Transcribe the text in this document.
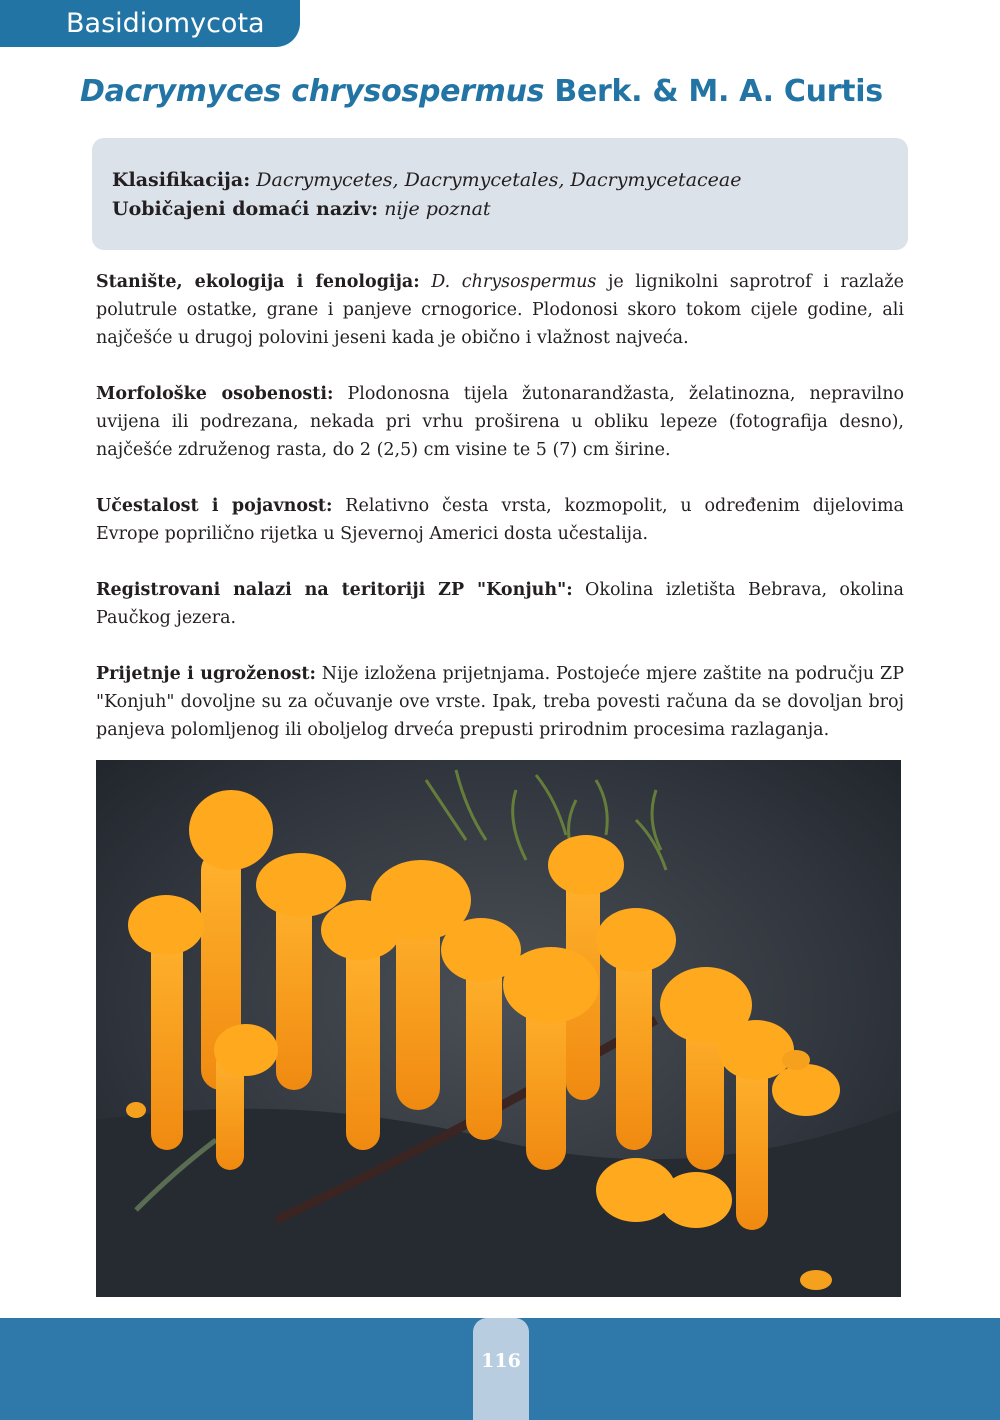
Basidiomycota
Dacrymyces chrysospermus Berk. & M. A. Curtis
Klasifikacija: Dacrymycetes, Dacrymycetales, Dacrymycetaceae
Uobičajeni domaći naziv: nije poznat

Stanište, ekologija i fenologija: D. chrysospermus je lignikolni saprotrof i razlaže polutrule ostatke, grane i panjeve crnogorice. Plodonosi skoro tokom cijele godine, ali najčešće u drugoj polovini jeseni kada je obično i vlažnost najveća.

Morfološke osobenosti: Plodonosna tijela žutonarandžasta, želatinozna, nepravilno uvijena ili podrezana, nekada pri vrhu proširena u obliku lepeze (fotografija desno), najčešće združenog rasta, do 2 (2,5) cm visine te 5 (7) cm širine.

Učestalost i pojavnost: Relativno česta vrsta, kozmopolit, u određenim dijelovima Evrope poprilično rijetka u Sjevernoj Americi dosta učestalija.

Registrovani nalazi na teritoriji ZP "Konjuh": Okolina izletišta Bebrava, okolina Paučkog jezera.

Prijetnje i ugroženost: Nije izložena prijetnjama. Postojeće mjere zaštite na području ZP "Konjuh" dovoljne su za očuvanje ove vrste. Ipak, treba povesti računa da se dovoljan broj panjeva polomljenog ili oboljelog drveća prepusti prirodnim procesima razlaganja.

116
